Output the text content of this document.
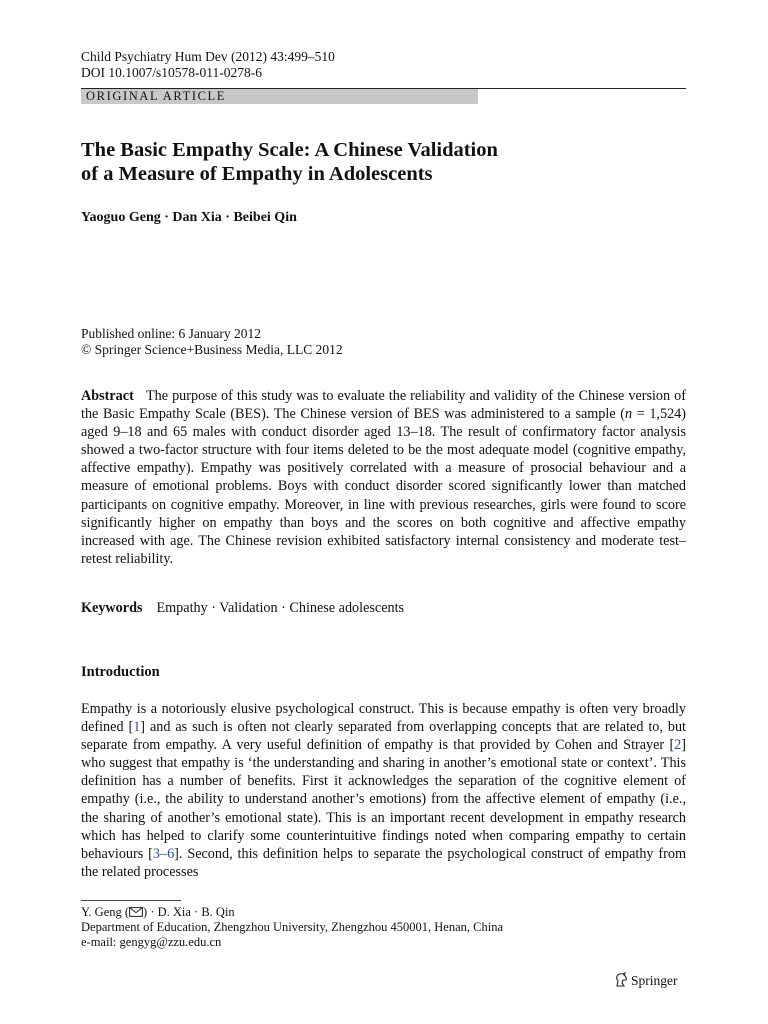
Child Psychiatry Hum Dev (2012) 43:499–510
DOI 10.1007/s10578-011-0278-6
ORIGINAL ARTICLE
The Basic Empathy Scale: A Chinese Validation
of a Measure of Empathy in Adolescents
Yaoguo Geng · Dan Xia · Beibei Qin
Published online: 6 January 2012
© Springer Science+Business Media, LLC 2012
Abstract The purpose of this study was to evaluate the reliability and validity of the Chinese version of the Basic Empathy Scale (BES). The Chinese version of BES was administered to a sample (n = 1,524) aged 9–18 and 65 males with conduct disorder aged 13–18. The result of confirmatory factor analysis showed a two-factor structure with four items deleted to be the most adequate model (cognitive empathy, affective empathy). Empathy was positively correlated with a measure of prosocial behaviour and a measure of emotional problems. Boys with conduct disorder scored significantly lower than matched participants on cognitive empathy. Moreover, in line with previous researches, girls were found to score significantly higher on empathy than boys and the scores on both cognitive and affective empathy increased with age. The Chinese revision exhibited satisfactory internal consistency and moderate test–retest reliability.
Keywords Empathy · Validation · Chinese adolescents
Introduction
Empathy is a notoriously elusive psychological construct. This is because empathy is often very broadly defined [1] and as such is often not clearly separated from overlapping concepts that are related to, but separate from empathy. A very useful definition of empathy is that provided by Cohen and Strayer [2] who suggest that empathy is ‘the understanding and sharing in another’s emotional state or context’. This definition has a number of benefits. First it acknowledges the separation of the cognitive element of empathy (i.e., the ability to understand another’s emotions) from the affective element of empathy (i.e., the sharing of another’s emotional state). This is an important recent development in empathy research which has helped to clarify some counterintuitive findings noted when comparing empathy to certain behaviours [3–6]. Second, this definition helps to separate the psychological construct of empathy from the related processes
Y. Geng ( ) · D. Xia · B. Qin
Department of Education, Zhengzhou University, Zhengzhou 450001, Henan, China
e-mail: gengyg@zzu.edu.cn
Springer
